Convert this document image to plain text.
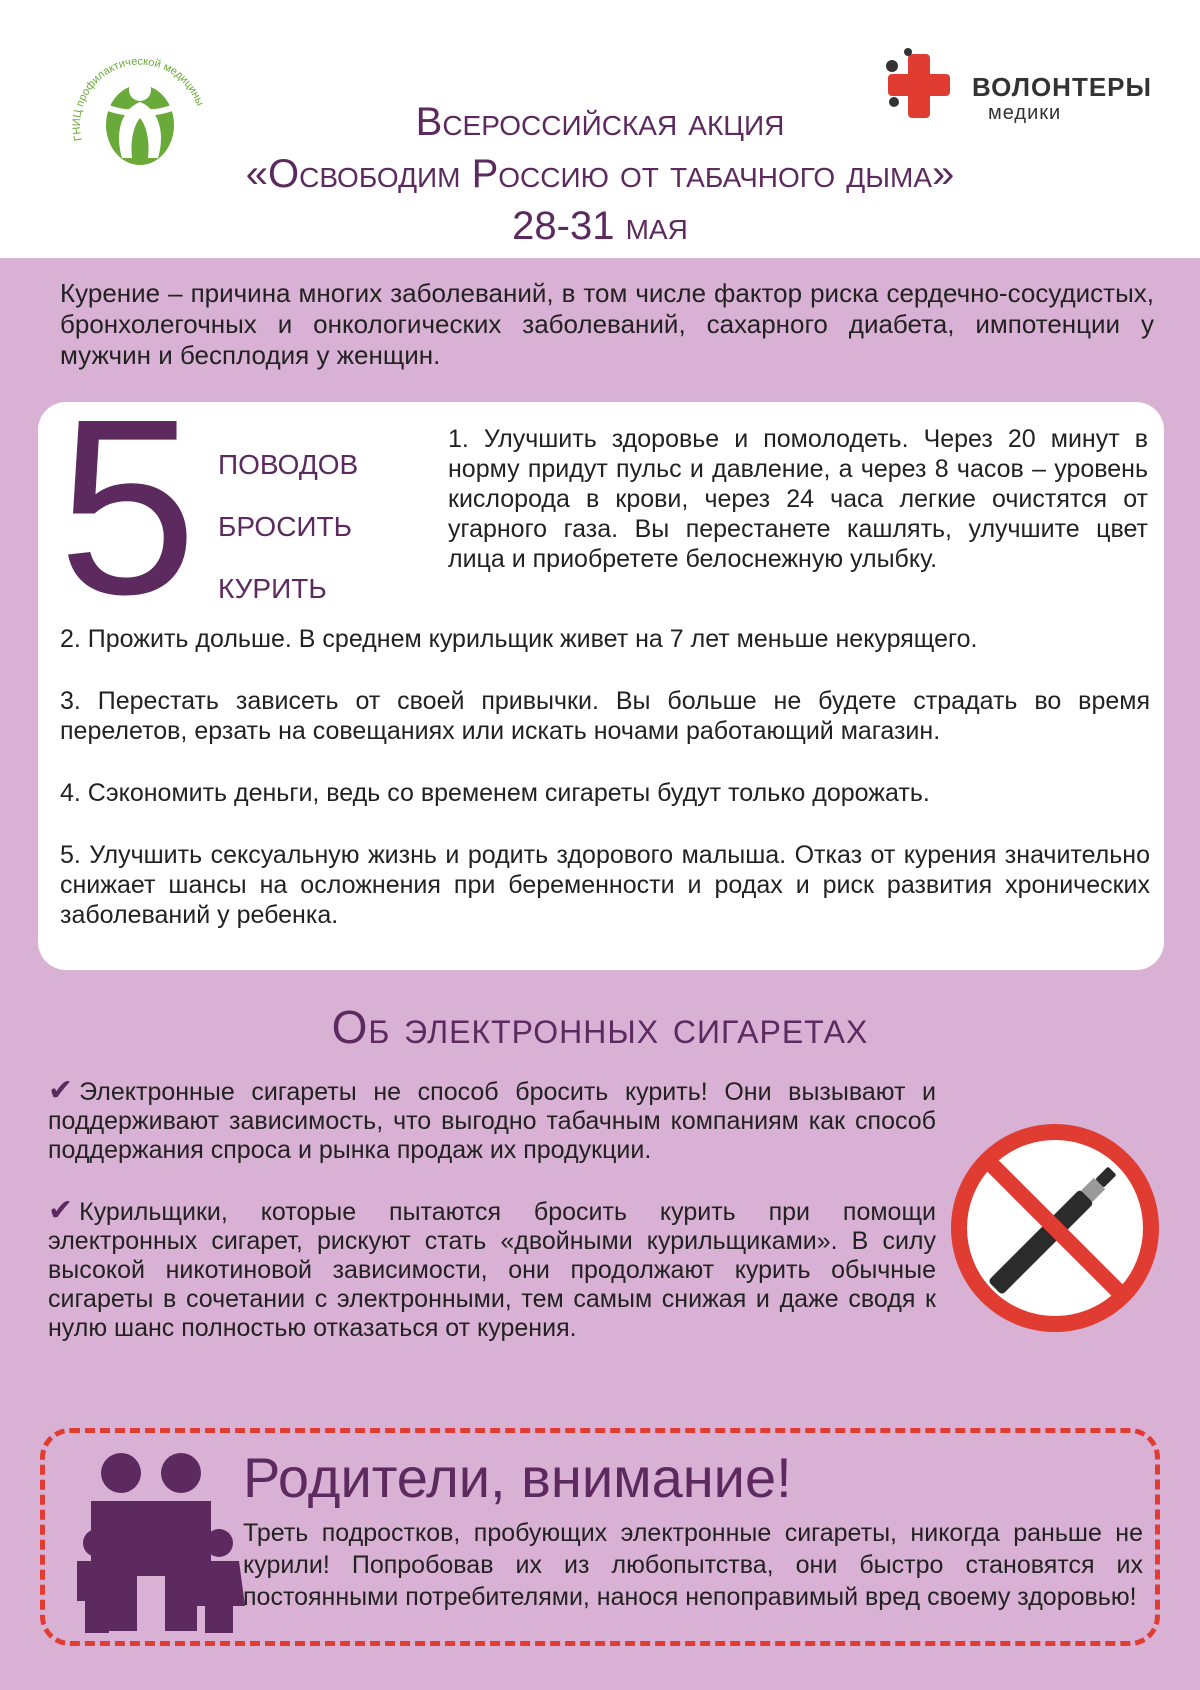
ГНИЦ профилактической медицины	ВОЛОНТЕРЫ
медики
Всероссийская акция
«Освободим Россию от табачного дыма»
28-31 мая
Курение – причина многих заболеваний, в том числе фактор риска сердечно-сосудистых, бронхолегочных и онкологических заболеваний, сахарного диабета, импотенции у мужчин и бесплодия у женщин.
5 поводов
бросить
курить
1. Улучшить здоровье и помолодеть. Через 20 минут в норму придут пульс и давление, а через 8 часов – уровень кислорода в крови, через 24 часа легкие очистятся от угарного газа. Вы перестанете кашлять, улучшите цвет лица и приобретете белоснежную улыбку.
2. Прожить дольше. В среднем курильщик живет на 7 лет меньше некурящего.
3. Перестать зависеть от своей привычки. Вы больше не будете страдать во время перелетов, ерзать на совещаниях или искать ночами работающий магазин.
4. Сэкономить деньги, ведь со временем сигареты будут только дорожать.
5. Улучшить сексуальную жизнь и родить здорового малыша. Отказ от курения значительно снижает шансы на осложнения при беременности и родах и риск развития хронических заболеваний у ребенка.
Об электронных сигаретах
✔ Электронные сигареты не способ бросить курить! Они вызывают и поддерживают зависимость, что выгодно табачным компаниям как способ поддержания спроса и рынка продаж их продукции.
✔ Курильщики, которые пытаются бросить курить при помощи электронных сигарет, рискуют стать «двойными курильщиками». В силу высокой никотиновой зависимости, они продолжают курить обычные сигареты в сочетании с электронными, тем самым снижая и даже сводя к нулю шанс полностью отказаться от курения.
Родители, внимание!
Треть подростков, пробующих электронные сигареты, никогда раньше не курили! Попробовав их из любопытства, они быстро становятся их постоянными потребителями, нанося непоправимый вред своему здоровью!
